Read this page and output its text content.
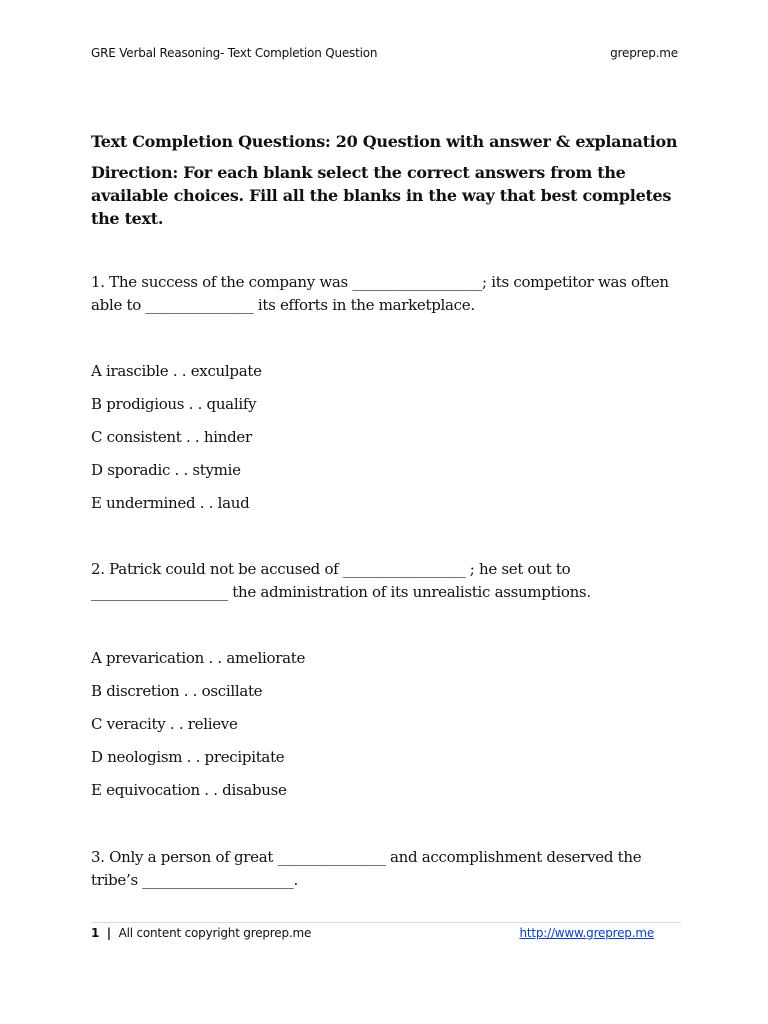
GRE Verbal Reasoning- Text Completion Question	greprep.me

Text Completion Questions: 20 Question with answer & explanation

Direction: For each blank select the correct answers from the available choices. Fill all the blanks in the way that best completes the text.

1. The success of the company was __________________; its competitor was often able to _______________ its efforts in the marketplace.

A irascible . . exculpate
B prodigious . . qualify
C consistent . . hinder
D sporadic . . stymie
E undermined . . laud

2. Patrick could not be accused of _________________ ; he set out to ___________________ the administration of its unrealistic assumptions.

A prevarication . . ameliorate
B discretion . . oscillate
C veracity . . relieve
D neologism . . precipitate
E equivocation . . disabuse

3. Only a person of great _______________ and accomplishment deserved the tribe’s _____________________.

1 | All content copyright greprep.me	http://www.greprep.me
